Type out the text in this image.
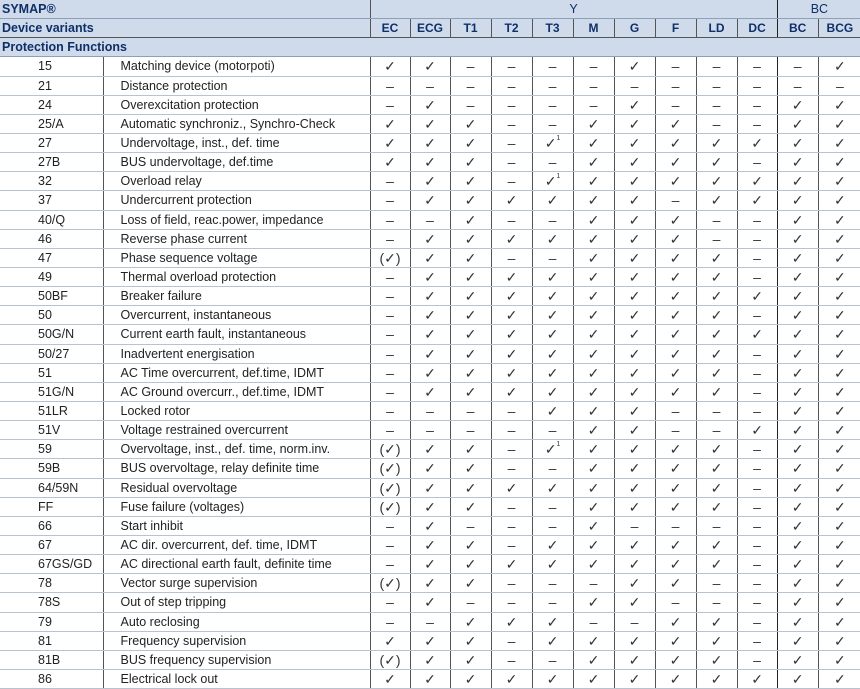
SYMAP®		Y										BC	
Device variants		EC	ECG	T1	T2	T3	M	G	F	LD	DC	BC	BCG
Protection Functions													
15	Matching device (motorpoti)	✓	✓	–	–	–	–	✓	–	–	–	–	✓
21	Distance protection	–	–	–	–	–	–	–	–	–	–	–	–
24	Overexcitation protection	–	✓	–	–	–	–	✓	–	–	–	✓	✓
25/A	Automatic synchroniz., Synchro-Check	✓	✓	✓	–	–	✓	✓	✓	–	–	✓	✓
27	Undervoltage, inst., def. time	✓	✓	✓	–	✓$^1$	✓	✓	✓	✓	✓	✓	✓
27B	BUS undervoltage, def.time	✓	✓	✓	–	–	✓	✓	✓	✓	–	✓	✓
32	Overload relay	–	✓	✓	–	✓$^1$	✓	✓	✓	✓	✓	✓	✓
37	Undercurrent protection	–	✓	✓	✓	✓	✓	✓	–	✓	✓	✓	✓
40/Q	Loss of field, reac.power, impedance	–	–	✓	–	–	✓	✓	✓	–	–	✓	✓
46	Reverse phase current	–	✓	✓	✓	✓	✓	✓	✓	–	–	✓	✓
47	Phase sequence voltage	(✓)	✓	✓	–	–	✓	✓	✓	✓	–	✓	✓
49	Thermal overload protection	–	✓	✓	✓	✓	✓	✓	✓	✓	–	✓	✓
50BF	Breaker failure	–	✓	✓	✓	✓	✓	✓	✓	✓	✓	✓	✓
50	Overcurrent, instantaneous	–	✓	✓	✓	✓	✓	✓	✓	✓	–	✓	✓
50G/N	Current earth fault, instantaneous	–	✓	✓	✓	✓	✓	✓	✓	✓	✓	✓	✓
50/27	Inadvertent energisation	–	✓	✓	✓	✓	✓	✓	✓	✓	–	✓	✓
51	AC Time overcurrent, def.time, IDMT	–	✓	✓	✓	✓	✓	✓	✓	✓	–	✓	✓
51G/N	AC Ground overcurr., def.time, IDMT	–	✓	✓	✓	✓	✓	✓	✓	✓	–	✓	✓
51LR	Locked rotor	–	–	–	–	✓	✓	✓	–	–	–	✓	✓
51V	Voltage restrained overcurrent	–	–	–	–	–	✓	✓	–	–	✓	✓	✓
59	Overvoltage, inst., def. time, norm.inv.	(✓)	✓	✓	–	✓$^1$	✓	✓	✓	✓	–	✓	✓
59B	BUS overvoltage, relay definite time	(✓)	✓	✓	–	–	✓	✓	✓	✓	–	✓	✓
64/59N	Residual overvoltage	(✓)	✓	✓	✓	✓	✓	✓	✓	✓	–	✓	✓
FF	Fuse failure (voltages)	(✓)	✓	✓	–	–	✓	✓	✓	✓	–	✓	✓
66	Start inhibit	–	✓	–	–	–	✓	–	–	–	–	✓	✓
67	AC dir. overcurrent, def. time, IDMT	–	✓	✓	–	✓	✓	✓	✓	✓	–	✓	✓
67GS/GD	AC directional earth fault, definite time	–	✓	✓	✓	✓	✓	✓	✓	✓	–	✓	✓
78	Vector surge supervision	(✓)	✓	✓	–	–	–	✓	✓	–	–	✓	✓
78S	Out of step tripping	–	✓	–	–	–	✓	✓	–	–	–	✓	✓
79	Auto reclosing	–	–	✓	✓	✓	–	–	✓	✓	–	✓	✓
81	Frequency supervision	✓	✓	✓	–	✓	✓	✓	✓	✓	–	✓	✓
81B	BUS frequency supervision	(✓)	✓	✓	–	–	✓	✓	✓	✓	–	✓	✓
86	Electrical lock out	✓	✓	✓	✓	✓	✓	✓	✓	✓	✓	✓	✓
